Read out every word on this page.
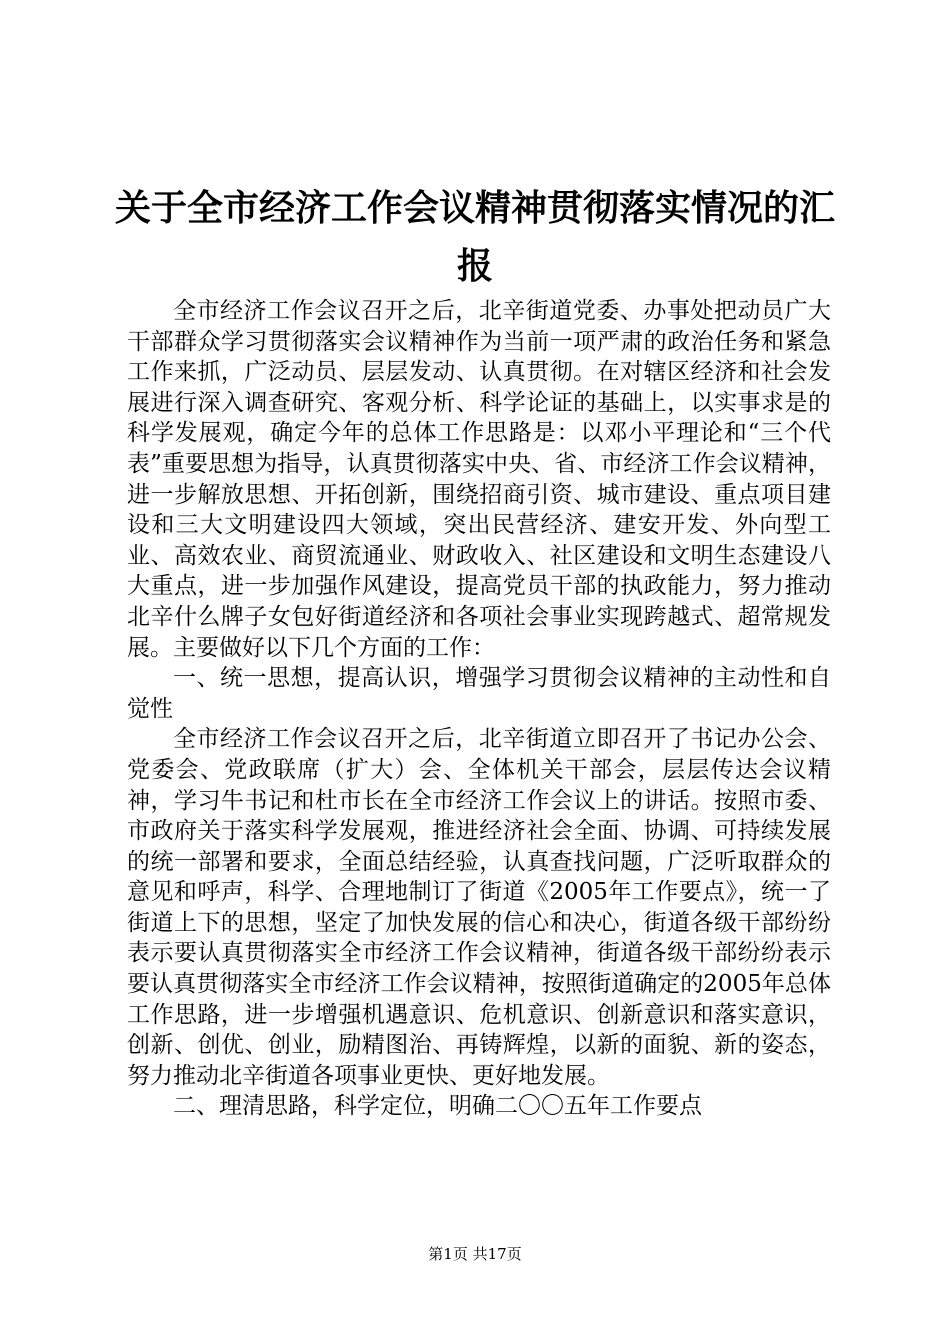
关于全市经济工作会议精神贯彻落实情况的汇
报

全市经济工作会议召开之后，北辛街道党委、办事处把动员广大干部群众学习贯彻落实会议精神作为当前一项严肃的政治任务和紧急工作来抓，广泛动员、层层发动、认真贯彻。在对辖区经济和社会发展进行深入调查研究、客观分析、科学论证的基础上，以实事求是的科学发展观，确定今年的总体工作思路是：以邓小平理论和“三个代表”重要思想为指导，认真贯彻落实中央、省、市经济工作会议精神，进一步解放思想、开拓创新，围绕招商引资、城市建设、重点项目建设和三大文明建设四大领域，突出民营经济、建安开发、外向型工业、高效农业、商贸流通业、财政收入、社区建设和文明生态建设八大重点，进一步加强作风建设，提高党员干部的执政能力，努力推动北辛什么牌子女包好街道经济和各项社会事业实现跨越式、超常规发展。主要做好以下几个方面的工作：

一、统一思想，提高认识，增强学习贯彻会议精神的主动性和自觉性

全市经济工作会议召开之后，北辛街道立即召开了书记办公会、党委会、党政联席（扩大）会、全体机关干部会，层层传达会议精神，学习牛书记和杜市长在全市经济工作会议上的讲话。按照市委、市政府关于落实科学发展观，推进经济社会全面、协调、可持续发展的统一部署和要求，全面总结经验，认真查找问题，广泛听取群众的意见和呼声，科学、合理地制订了街道《2005年工作要点》，统一了街道上下的思想，坚定了加快发展的信心和决心，街道各级干部纷纷表示要认真贯彻落实全市经济工作会议精神，街道各级干部纷纷表示要认真贯彻落实全市经济工作会议精神，按照街道确定的2005年总体工作思路，进一步增强机遇意识、危机意识、创新意识和落实意识，创新、创优、创业，励精图治、再铸辉煌，以新的面貌、新的姿态，努力推动北辛街道各项事业更快、更好地发展。

二、理清思路，科学定位，明确二〇〇五年工作要点

第1页 共17页
